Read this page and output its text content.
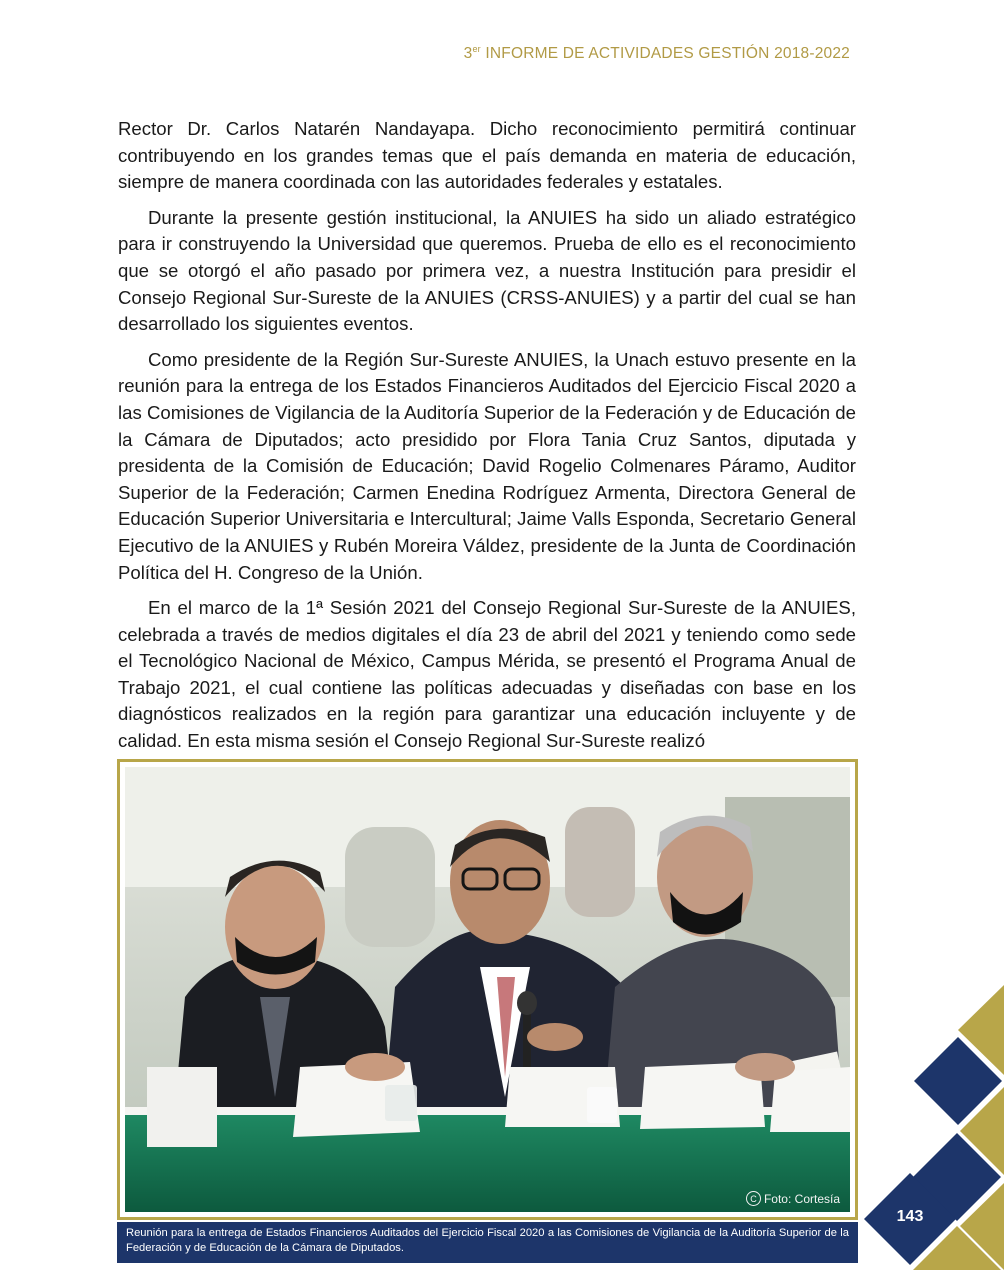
3er INFORME DE ACTIVIDADES GESTIÓN 2018-2022

Rector Dr. Carlos Natarén Nandayapa. Dicho reconocimiento permitirá continuar contribuyendo en los grandes temas que el país demanda en materia de educación, siempre de manera coordinada con las autoridades federales y estatales.

Durante la presente gestión institucional, la ANUIES ha sido un aliado estratégico para ir construyendo la Universidad que queremos. Prueba de ello es el reconocimiento que se otorgó el año pasado por primera vez, a nuestra Institución para presidir el Consejo Regional Sur-Sureste de la ANUIES (CRSS-ANUIES) y a partir del cual se han desarrollado los siguientes eventos.

Como presidente de la Región Sur-Sureste ANUIES, la Unach estuvo presente en la reunión para la entrega de los Estados Financieros Auditados del Ejercicio Fiscal 2020 a las Comisiones de Vigilancia de la Auditoría Superior de la Federación y de Educación de la Cámara de Diputados; acto presidido por Flora Tania Cruz Santos, diputada y presidenta de la Comisión de Educación; David Rogelio Colmenares Páramo, Auditor Superior de la Federación; Carmen Enedina Rodríguez Armenta, Directora General de Educación Superior Universitaria e Intercultural; Jaime Valls Esponda, Secretario General Ejecutivo de la ANUIES y Rubén Moreira Váldez, presidente de la Junta de Coordinación Política del H. Congreso de la Unión.

En el marco de la 1ª Sesión 2021 del Consejo Regional Sur-Sureste de la ANUIES, celebrada a través de medios digitales el día 23 de abril del 2021 y teniendo como sede el Tecnológico Nacional de México, Campus Mérida, se presentó el Programa Anual de Trabajo 2021, el cual contiene las políticas adecuadas y diseñadas con base en los diagnósticos realizados en la región para garantizar una educación incluyente y de calidad. En esta misma sesión el Consejo Regional Sur-Sureste realizó

C Foto: Cortesía
Reunión para la entrega de Estados Financieros Auditados del Ejercicio Fiscal 2020 a las Comisiones de Vigilancia de la Auditoría Superior de la Federación y de Educación de la Cámara de Diputados.
143
